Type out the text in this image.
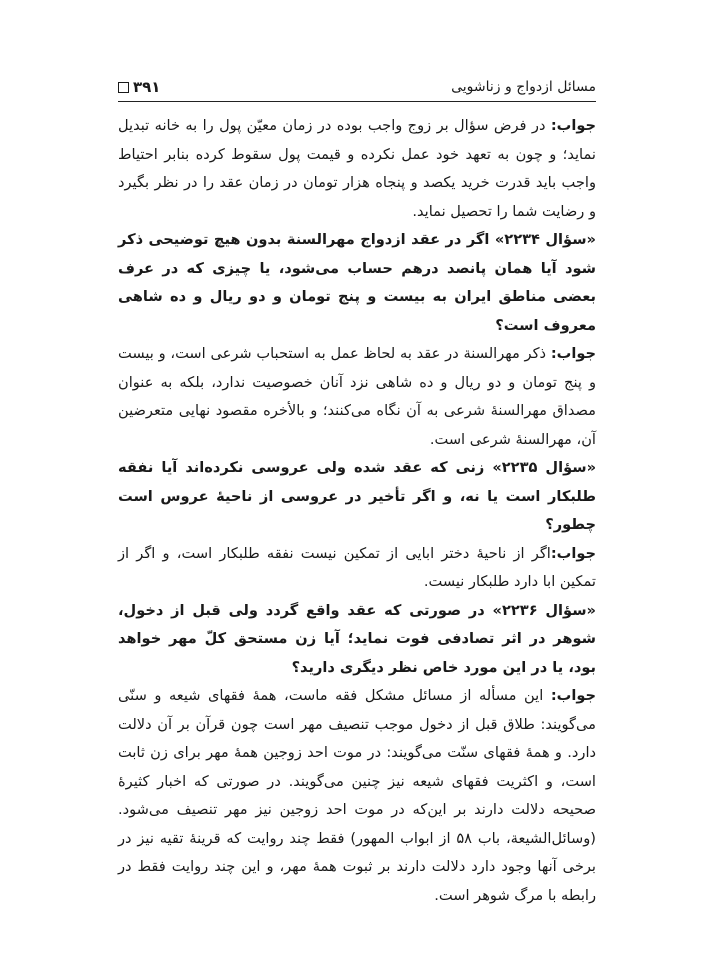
مسائل ازدواج و زناشویی
۳۹۱

جواب: در فرض سؤال بر زوج واجب بوده در زمان معیّن پول را به خانه تبدیل نماید؛ و چون به تعهد خود عمل نکرده و قیمت پول سقوط کرده بنابر احتیاط واجب باید قدرت خرید یکصد و پنجاه هزار تومان در زمان عقد را در نظر بگیرد و رضایت شما را تحصیل نماید.

«سؤال ۲۲۳۴» اگر در عقد ازدواج مهرالسنة بدون هیچ توضیحی ذکر شود آیا همان پانصد درهم حساب می‌شود، یا چیزی که در عرف بعضی مناطق ایران به بیست و پنج تومان و دو ریال و ده شاهی معروف است؟

جواب: ذکر مهرالسنة در عقد به لحاظ عمل به استحباب شرعی است، و بیست و پنج تومان و دو ریال و ده شاهی نزد آنان خصوصیت ندارد، بلکه به عنوان مصداق مهرالسنهٔ شرعی به آن نگاه می‌کنند؛ و بالأخره مقصود نهایی متعرضین آن، مهرالسنهٔ شرعی است.

«سؤال ۲۲۳۵» زنی که عقد شده ولی عروسی نکرده‌اند آیا نفقه طلبکار است یا نه، و اگر تأخیر در عروسی از ناحیهٔ عروس است چطور؟

جواب:اگر از ناحیهٔ دختر ابایی از تمکین نیست نفقه طلبکار است، و اگر از تمکین ابا دارد طلبکار نیست.

«سؤال ۲۲۳۶» در صورتی که عقد واقع گردد ولی قبل از دخول، شوهر در اثر تصادفی فوت نماید؛ آیا زن مستحق کلّ مهر خواهد بود، یا در این مورد خاص نظر دیگری دارید؟

جواب: این مسأله از مسائل مشکل فقه ماست، همهٔ فقهای شیعه و سنّی می‌گویند: طلاق قبل از دخول موجب تنصیف مهر است چون قرآن بر آن دلالت دارد. و همهٔ فقهای سنّت می‌گویند: در موت احد زوجین همهٔ مهر برای زن ثابت است، و اکثریت فقهای شیعه نیز چنین می‌گویند. در صورتی که اخبار کثیرهٔ صحیحه دلالت دارند بر این‌که در موت احد زوجین نیز مهر تنصیف می‌شود. (وسائل‌الشیعة، باب ۵۸ از ابواب المهور) فقط چند روایت که قرینهٔ تقیه نیز در برخی آنها وجود دارد دلالت دارند بر ثبوت همهٔ مهر، و این چند روایت فقط در رابطه با مرگ شوهر است.
